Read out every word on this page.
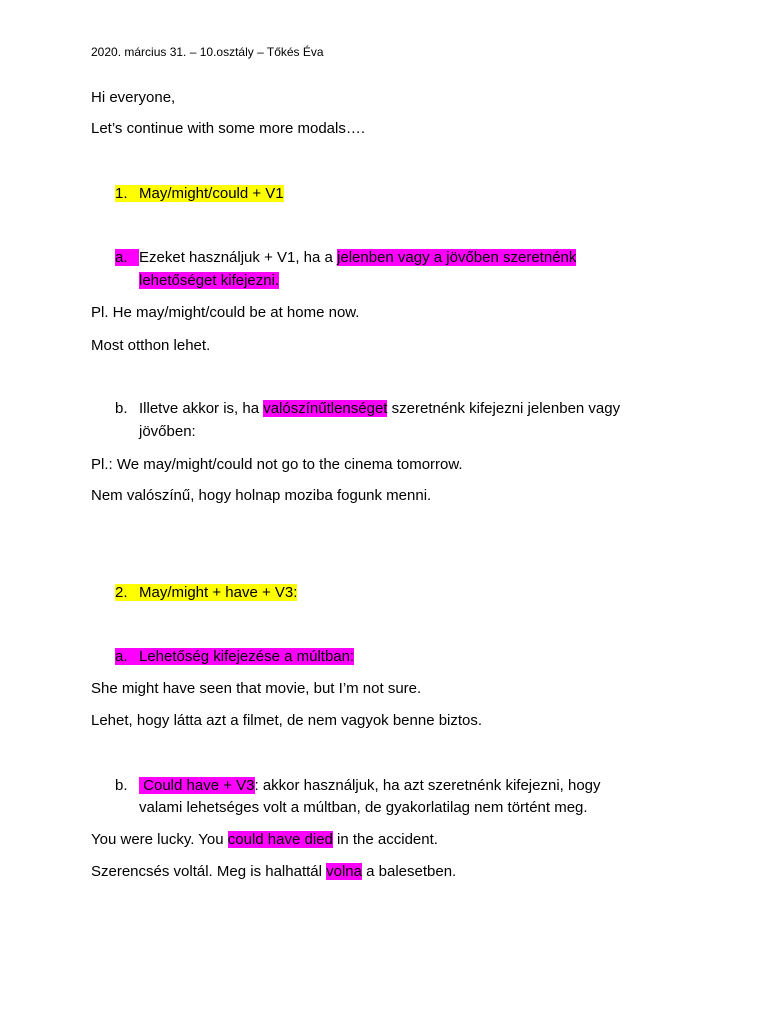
2020. március 31. – 10.osztály – Tőkés Éva
Hi everyone,
Let’s continue with some more modals….
1. May/might/could + V1
a. Ezeket használjuk + V1, ha a jelenben vagy a jövőben szeretnénk
lehetőséget kifejezni.
Pl. He may/might/could be at home now.
Most otthon lehet.
b. Illetve akkor is, ha valószínűtlenséget szeretnénk kifejezni jelenben vagy
jövőben:
Pl.: We may/might/could not go to the cinema tomorrow.
Nem valószínű, hogy holnap moziba fogunk menni.
2. May/might + have + V3:
a. Lehetőség kifejezése a múltban:
She might have seen that movie, but I’m not sure.
Lehet, hogy látta azt a filmet, de nem vagyok benne biztos.
b. Could have + V3: akkor használjuk, ha azt szeretnénk kifejezni, hogy
valami lehetséges volt a múltban, de gyakorlatilag nem történt meg.
You were lucky. You could have died in the accident.
Szerencsés voltál. Meg is halhattál volna a balesetben.
